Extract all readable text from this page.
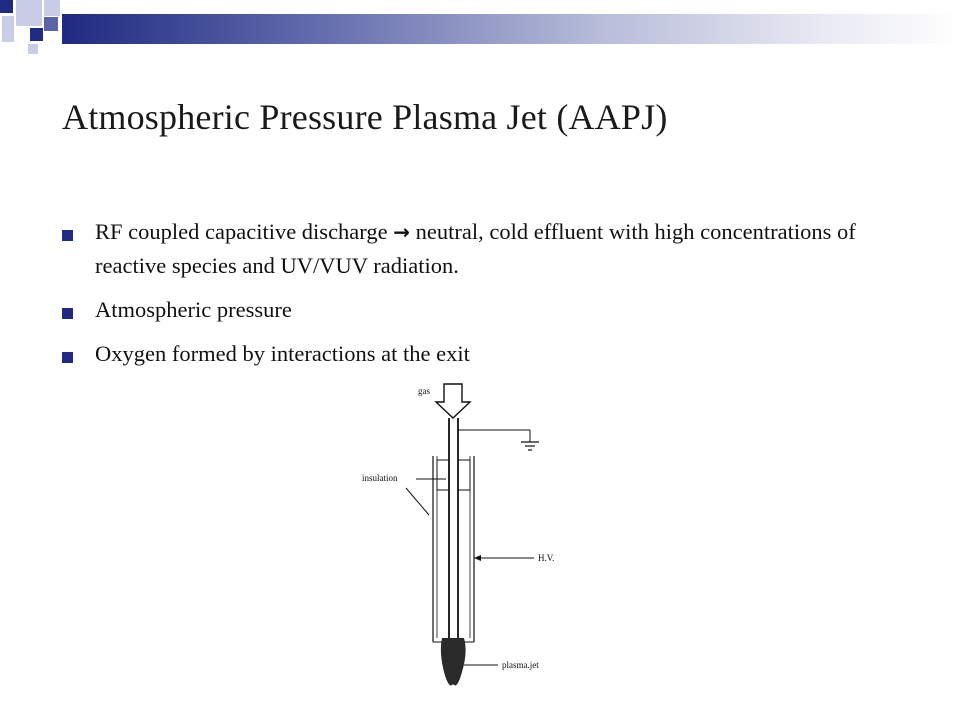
Atmospheric Pressure Plasma Jet (AAPJ)
RF coupled capacitive discharge → neutral, cold effluent with high concentrations of reactive species and UV/VUV radiation.
Atmospheric pressure
Oxygen formed by interactions at the exit
gas
insulation
H.V.
plasma.jet
